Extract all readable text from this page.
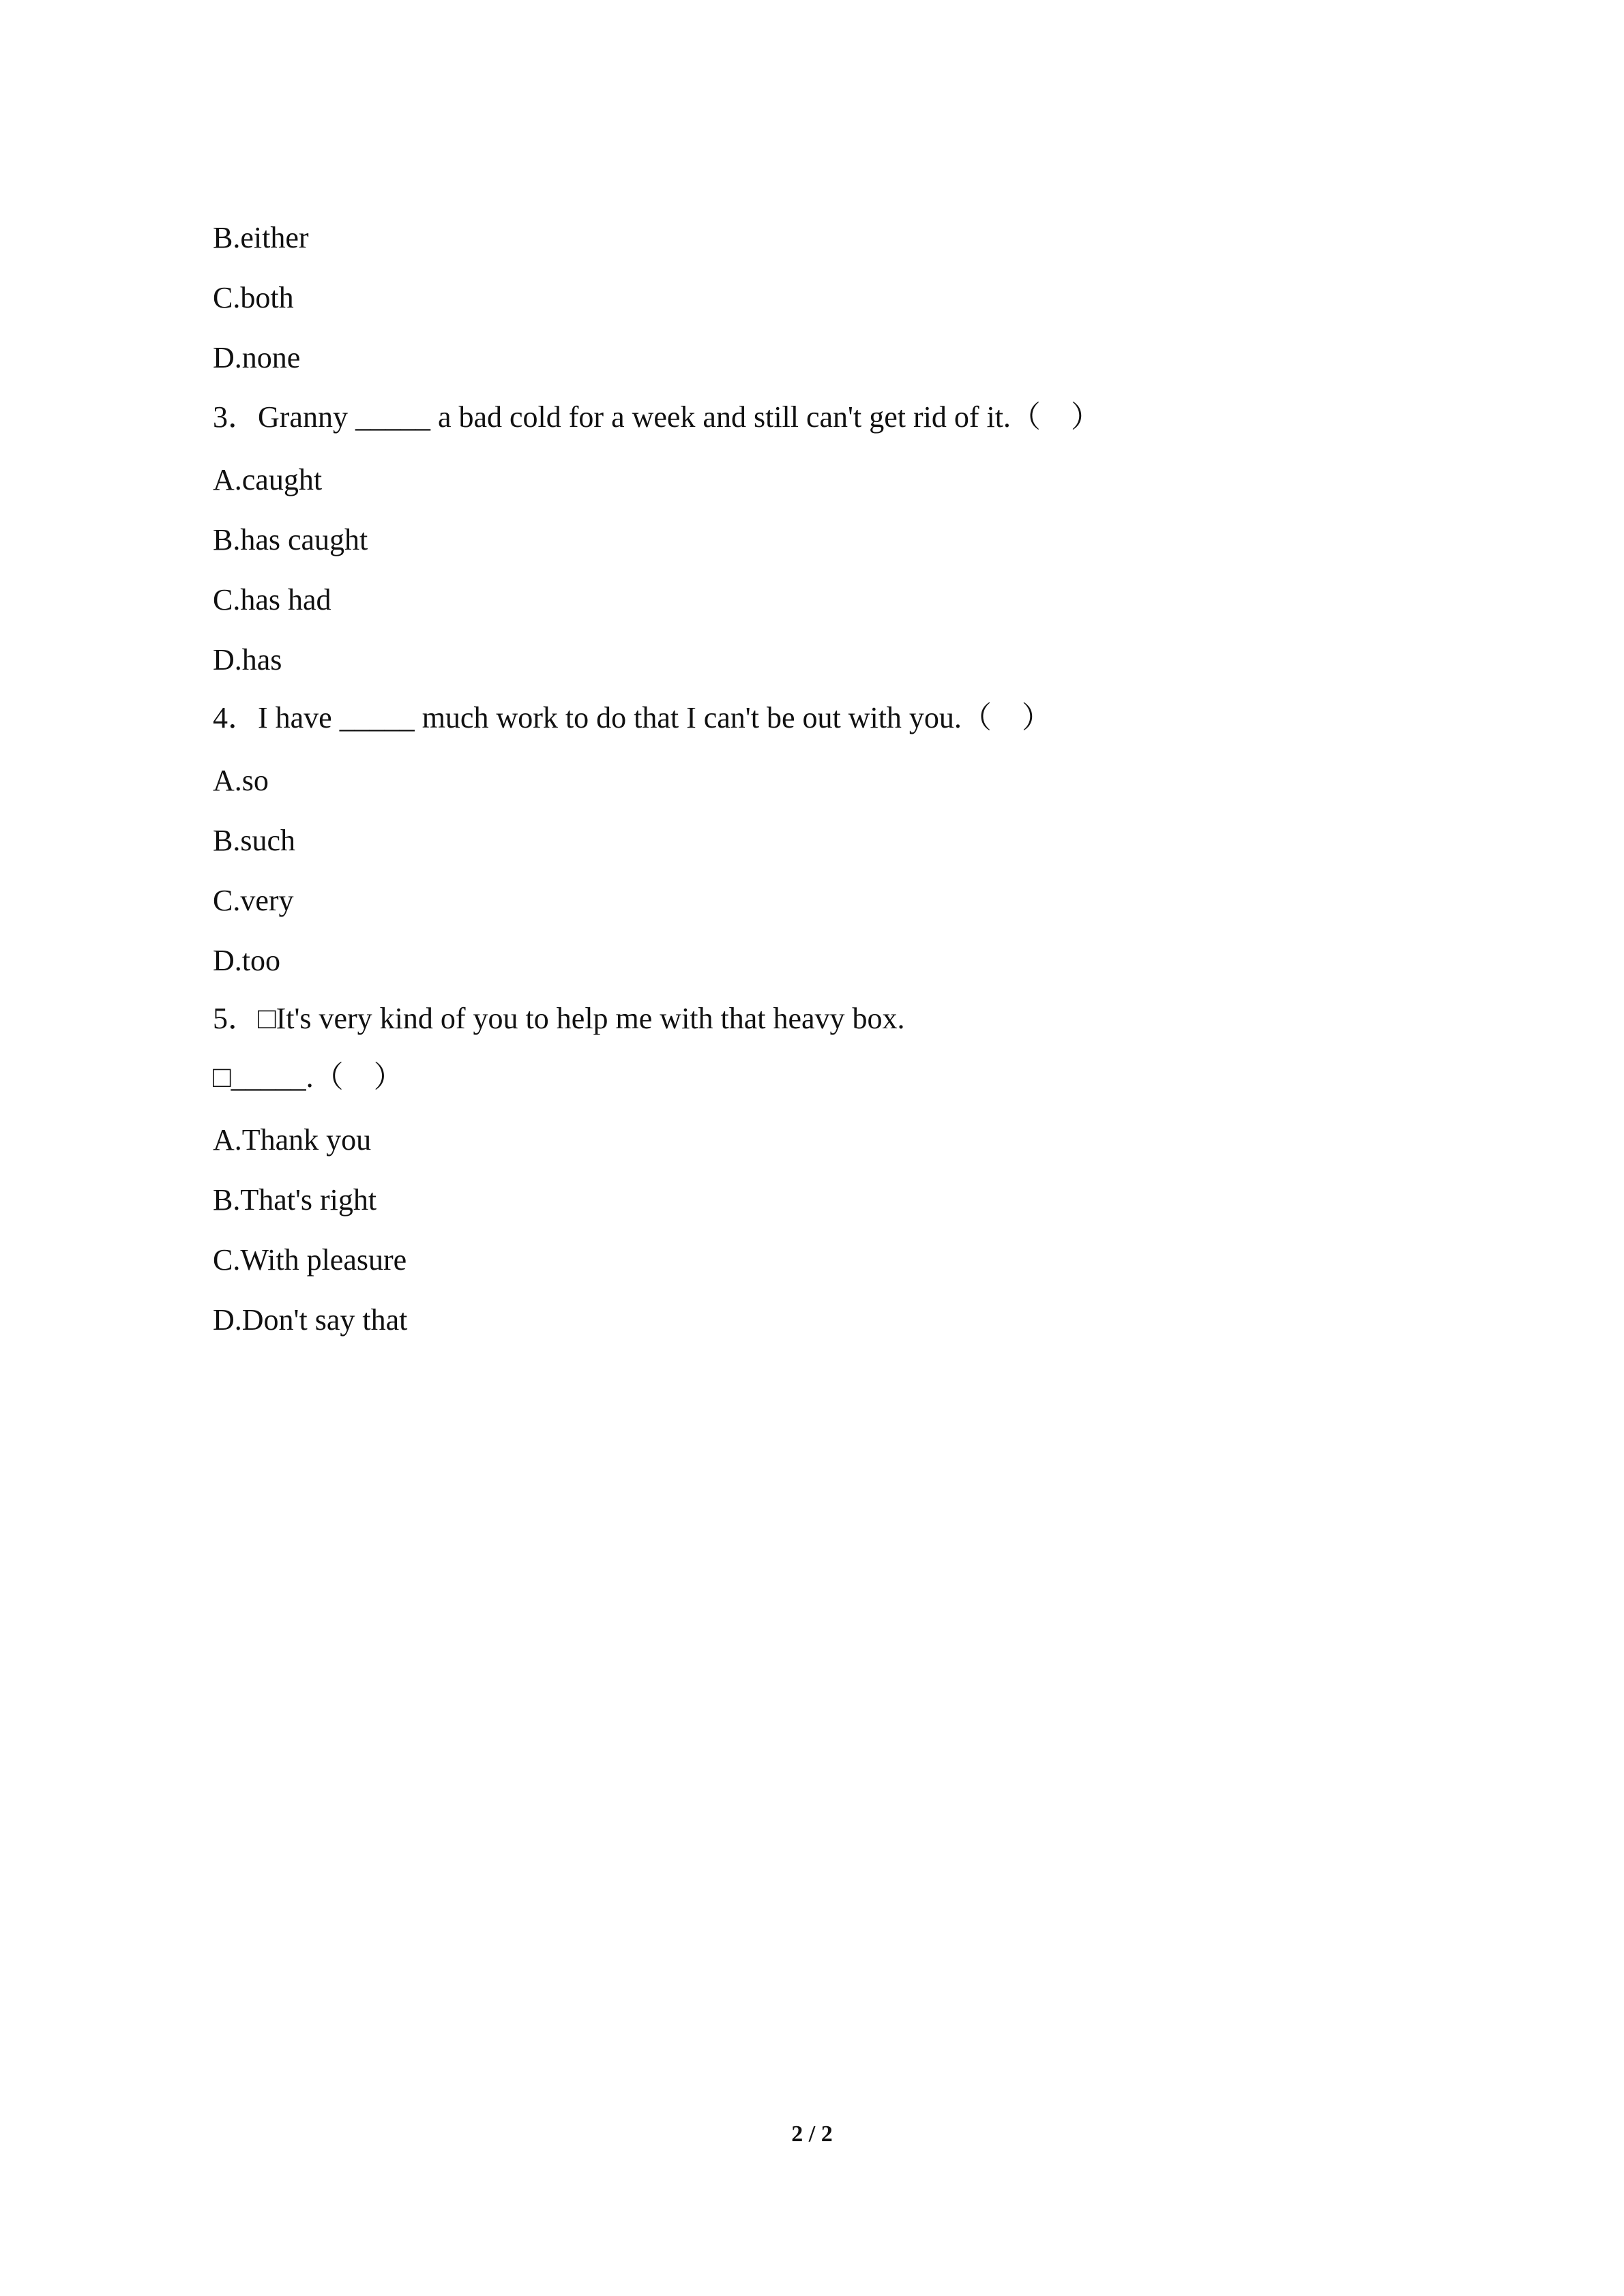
B.either
C.both
D.none
3．Granny _____ a bad cold for a week and still can't get rid of it.（　）
A.caught
B.has caught
C.has had
D.has
4．I have _____ much work to do that I can't be out with you.（　）
A.so
B.such
C.very
D.too
5．□It's very kind of you to help me with that heavy box.
□_____.（　）
A.Thank you
B.That's right
C.With pleasure
D.Don't say that
2 / 2
